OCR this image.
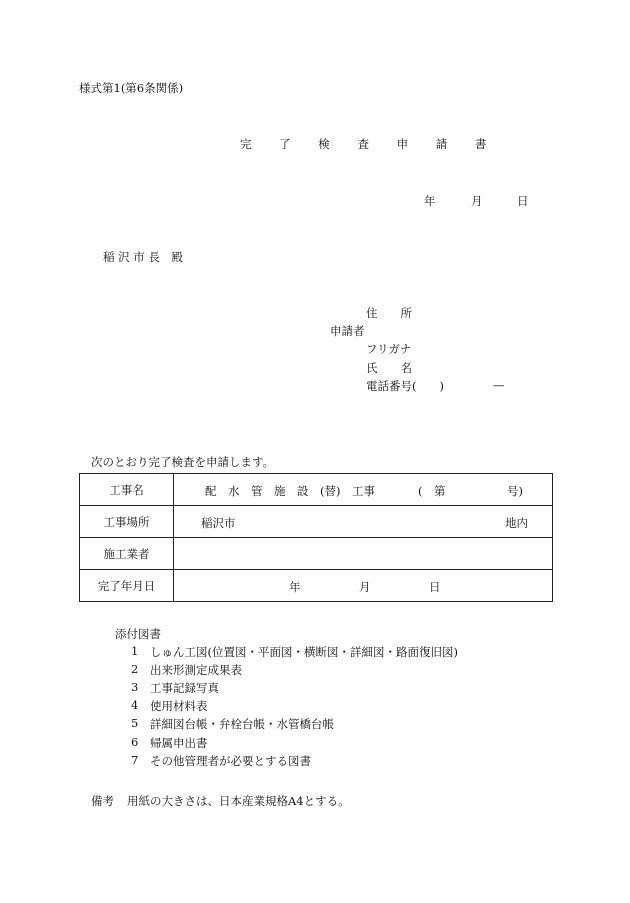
様式第1(第6条関係)
完 了 検 査 申 請 書
年	月	日
稲 沢 市 長　殿
住　　所
申請者
フリガナ
氏　　名
電話番号(　　)	—
次のとおり完了検査を申請します。
工事名	配　水　管　施　設　(替)　工事 (　第 号)

工事場所	稲沢市 地内

施工業者	

完了年月日	年 月 日
添付図書
1 しゅん工図(位置図・平面図・横断図・詳細図・路面復旧図)
2 出来形測定成果表
3 工事記録写真
4 使用材料表
5 詳細図台帳・弁栓台帳・水管橋台帳
6 帰属申出書
7 その他管理者が必要とする図書
備考 用紙の大きさは、日本産業規格A4とする。
